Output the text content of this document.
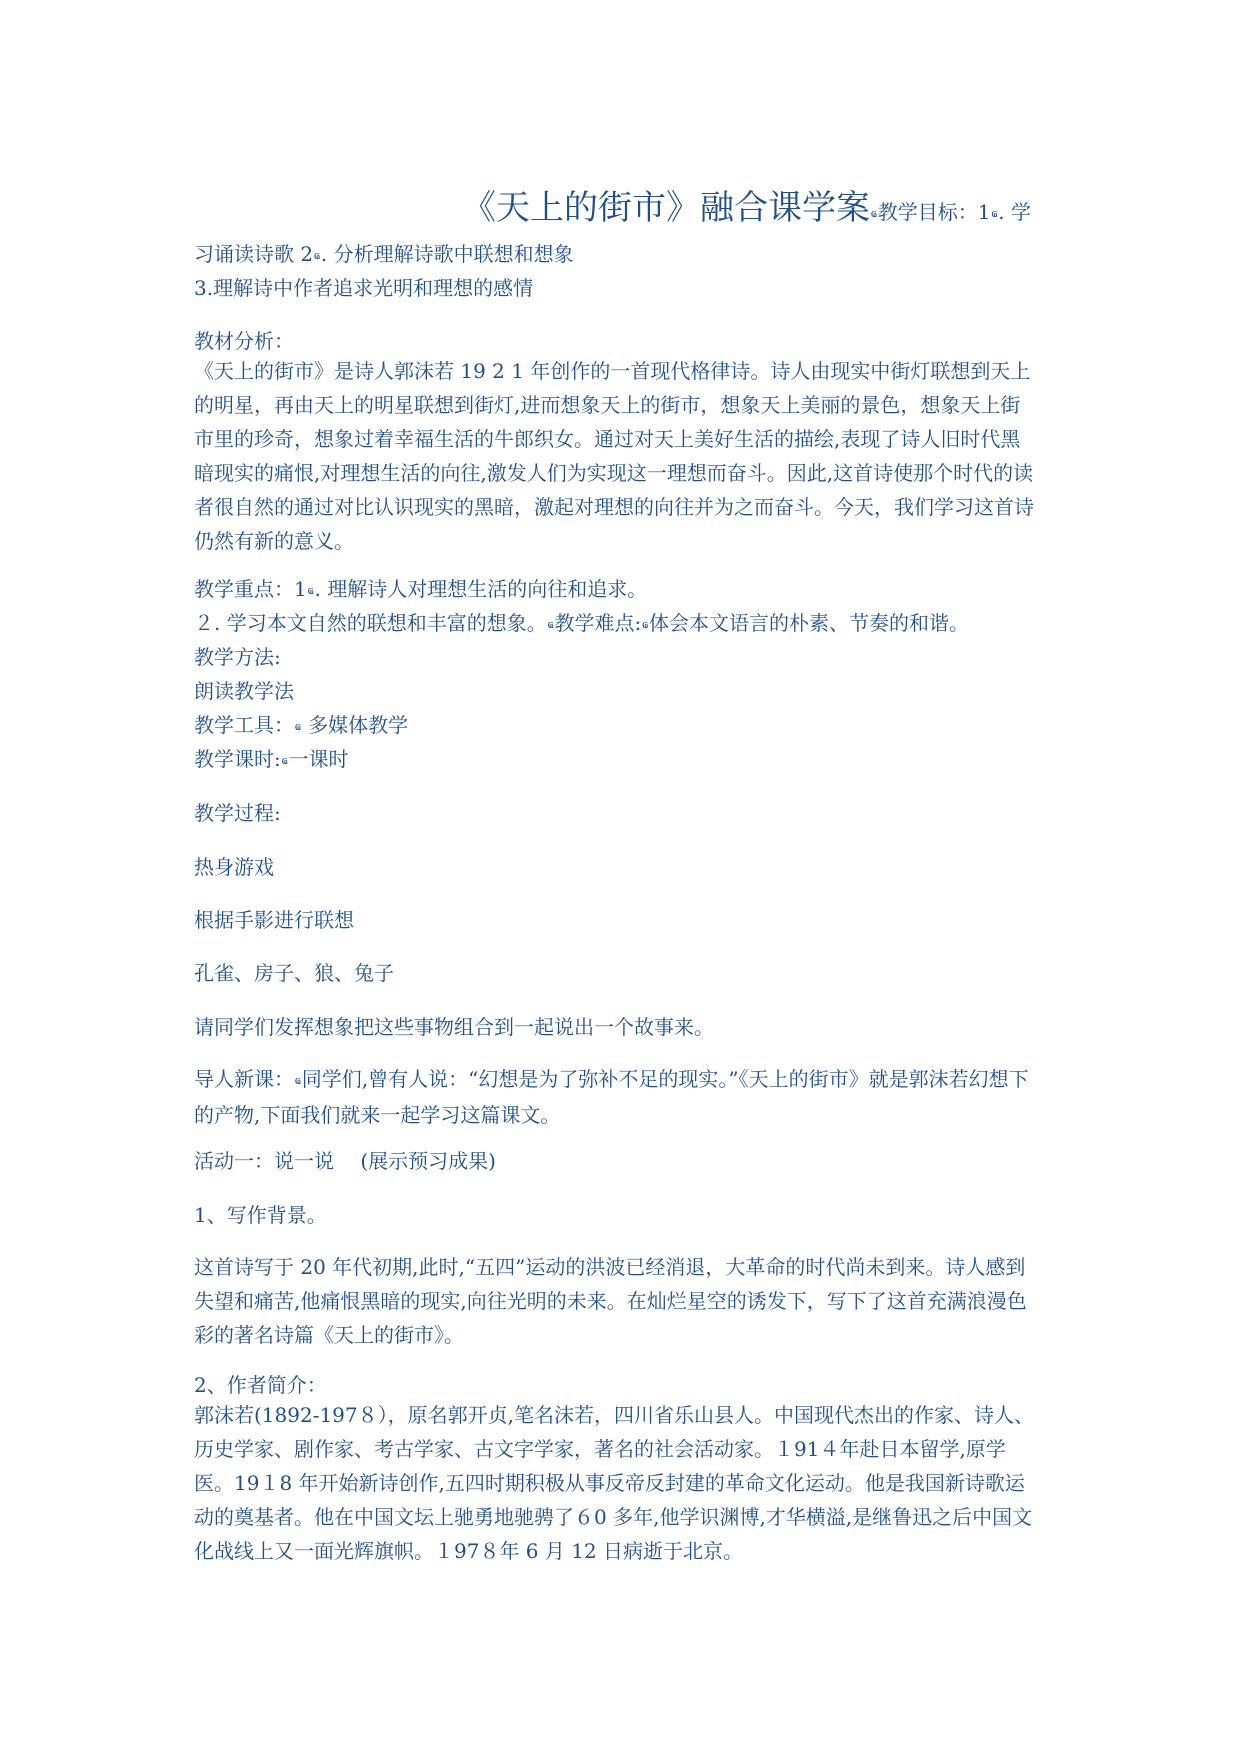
《天上的街市》融合课学案ҩ教学目标：1ҩ. 学
习诵读诗歌 2ҩ. 分析理解诗歌中联想和想象
3.理解诗中作者追求光明和理想的感情
教材分析：
《天上的街市》是诗人郭沫若 19 2 1 年创作的一首现代格律诗。诗人由现实中街灯联想到天上的明星，再由天上的明星联想到街灯,进而想象天上的街市，想象天上美丽的景色，想象天上街市里的珍奇，想象过着幸福生活的牛郎织女。通过对天上美好生活的描绘,表现了诗人旧时代黑暗现实的痛恨,对理想生活的向往,激发人们为实现这一理想而奋斗。因此,这首诗使那个时代的读者很自然的通过对比认识现实的黑暗，激起对理想的向往并为之而奋斗。今天，我们学习这首诗仍然有新的意义。
教学重点：1ҩ. 理解诗人对理想生活的向往和追求。
２. 学习本文自然的联想和丰富的想象。ҩ教学难点:ҩ体会本文语言的朴素、节奏的和谐。
教学方法:
朗读教学法
教学工具：ҩ 多媒体教学
教学课时:ҩ一课时
教学过程:
热身游戏
根据手影进行联想
孔雀、房子、狼、兔子
请同学们发挥想象把这些事物组合到一起说出一个故事来。
导人新课：ҩ同学们,曾有人说：“幻想是为了弥补不足的现实。”《天上的街市》就是郭沫若幻想下的产物,下面我们就来一起学习这篇课文。
活动一：说一说 　(展示预习成果)
1、写作背景。
这首诗写于 20 年代初期,此时,“五四”运动的洪波已经消退，大革命的时代尚未到来。诗人感到失望和痛苦,他痛恨黑暗的现实,向往光明的未来。在灿烂星空的诱发下，写下了这首充满浪漫色彩的著名诗篇《天上的街市》。
2、作者简介：
郭沫若(1892-197８），原名郭开贞,笔名沫若，四川省乐山县人。中国现代杰出的作家、诗人、历史学家、剧作家、考古学家、古文字学家，著名的社会活动家。１91４年赴日本留学,原学医。19１8 年开始新诗创作,五四时期积极从事反帝反封建的革命文化运动。他是我国新诗歌运动的奠基者。他在中国文坛上驰勇地驰骋了６0 多年,他学识渊博,才华横溢,是继鲁迅之后中国文化战线上又一面光辉旗帜。１97８年 6 月 12 日病逝于北京。
